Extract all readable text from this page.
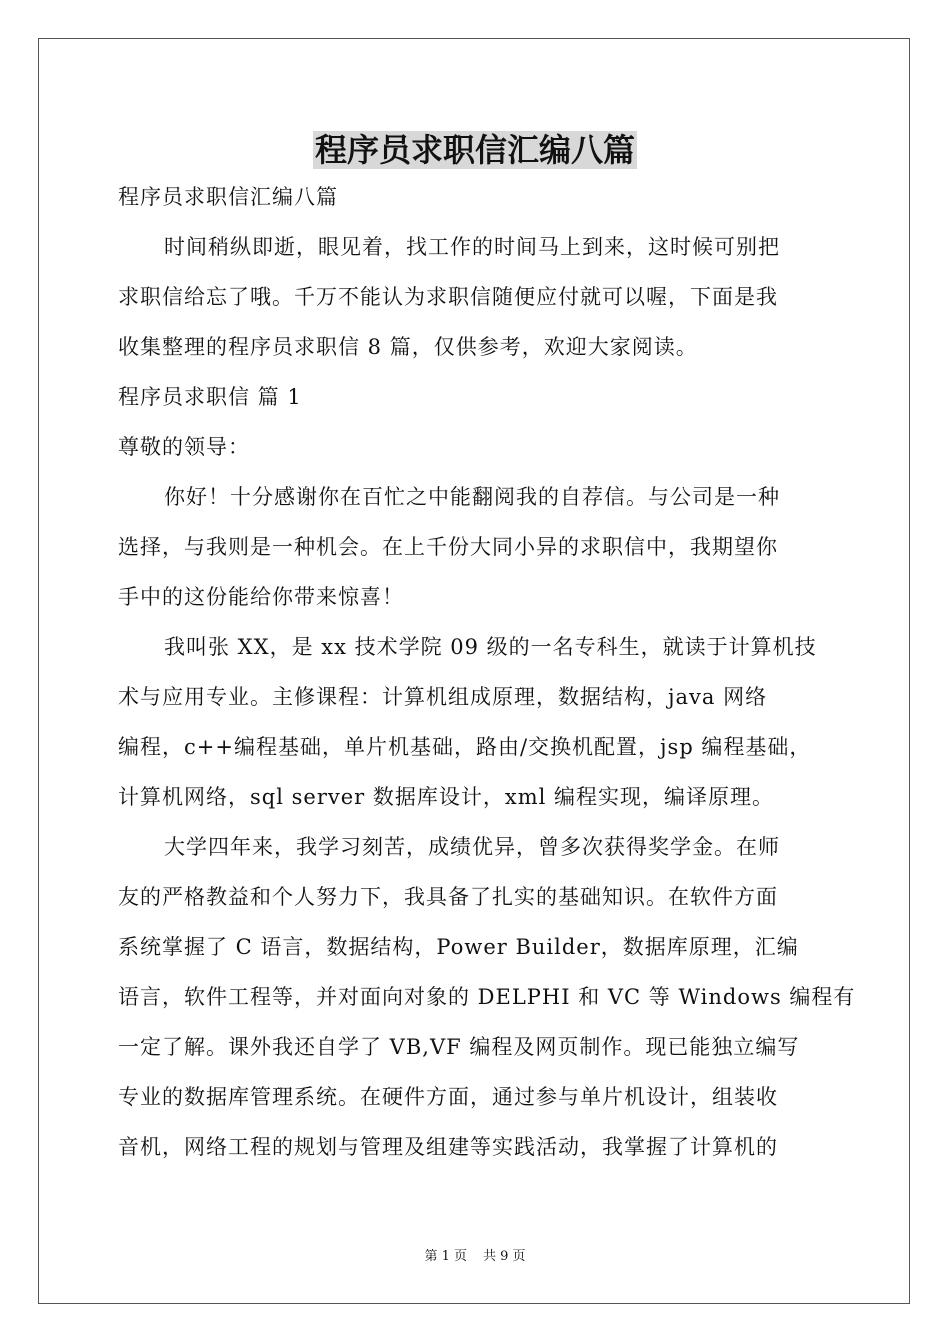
程序员求职信汇编八篇
程序员求职信汇编八篇
时间稍纵即逝，眼见着，找工作的时间马上到来，这时候可别把
求职信给忘了哦。千万不能认为求职信随便应付就可以喔，下面是我
收集整理的程序员求职信 8 篇，仅供参考，欢迎大家阅读。
程序员求职信 篇 1
尊敬的领导：
你好！十分感谢你在百忙之中能翻阅我的自荐信。与公司是一种
选择，与我则是一种机会。在上千份大同小异的求职信中，我期望你
手中的这份能给你带来惊喜！
我叫张 XX，是 xx 技术学院 09 级的一名专科生，就读于计算机技
术与应用专业。主修课程：计算机组成原理，数据结构，java 网络
编程，c++编程基础，单片机基础，路由/交换机配置，jsp 编程基础，
计算机网络，sql server 数据库设计，xml 编程实现，编译原理。
大学四年来，我学习刻苦，成绩优异，曾多次获得奖学金。在师
友的严格教益和个人努力下，我具备了扎实的基础知识。在软件方面
系统掌握了 C 语言，数据结构，Power Builder，数据库原理，汇编
语言，软件工程等，并对面向对象的 DELPHI 和 VC 等 Windows 编程有
一定了解。课外我还自学了 VB,VF 编程及网页制作。现已能独立编写
专业的数据库管理系统。在硬件方面，通过参与单片机设计，组装收
音机，网络工程的规划与管理及组建等实践活动，我掌握了计算机的
第 1 页 共 9 页
